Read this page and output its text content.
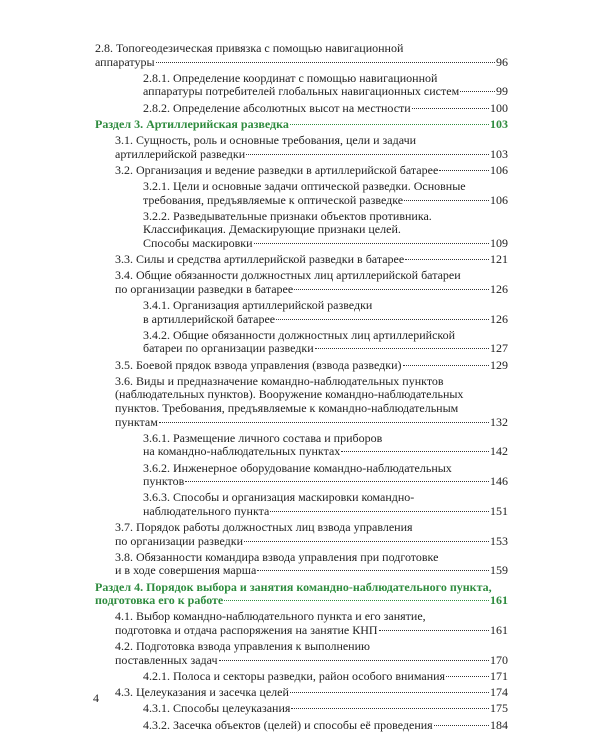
2.8. Топогеодезическая привязка с помощью навигационной
аппаратуры	96
2.8.1. Определение координат с помощью навигационной
аппаратуры потребителей глобальных навигационных систем	99
2.8.2. Определение абсолютных высот на местности	100
Раздел 3. Артиллерийская разведка	103
3.1. Сущность, роль и основные требования, цели и задачи
артиллерийской разведки	103
3.2. Организация и ведение разведки в артиллерийской батарее	106
3.2.1. Цели и основные задачи оптической разведки. Основные
требования, предъявляемые к оптической разведке	106
3.2.2. Разведывательные признаки объектов противника.
Классификация. Демаскирующие признаки целей.
Способы маскировки	109
3.3. Силы и средства артиллерийской разведки в батарее	121
3.4. Общие обязанности должностных лиц артиллерийской батареи
по организации разведки в батарее	126
3.4.1. Организация артиллерийской разведки
в артиллерийской батарее	126
3.4.2. Общие обязанности должностных лиц артиллерийской
батареи по организации разведки	127
3.5. Боевой прядок взвода управления (взвода разведки)	129
3.6. Виды и предназначение командно-наблюдательных пунктов
(наблюдательных пунктов). Вооружение командно-наблюдательных
пунктов. Требования, предъявляемые к командно-наблюдательным
пунктам	132
3.6.1. Размещение личного состава и приборов
на командно-наблюдательных пунктах	142
3.6.2. Инженерное оборудование командно-наблюдательных
пунктов	146
3.6.3. Способы и организация маскировки командно-
наблюдательного пункта	151
3.7. Порядок работы должностных лиц взвода управления
по организации разведки	153
3.8. Обязанности командира взвода управления при подготовке
и в ходе совершения марша	159
Раздел 4. Порядок выбора и занятия командно-наблюдательного пункта,
подготовка его к работе	161
4.1. Выбор командно-наблюдательного пункта и его занятие,
подготовка и отдача распоряжения на занятие КНП	161
4.2. Подготовка взвода управления к выполнению
поставленных задач	170
4.2.1. Полоса и секторы разведки, район особого внимания	171
4.3. Целеуказания и засечка целей	174
4.3.1. Способы целеуказания	175
4.3.2. Засечка объектов (целей) и способы её проведения	184
4
